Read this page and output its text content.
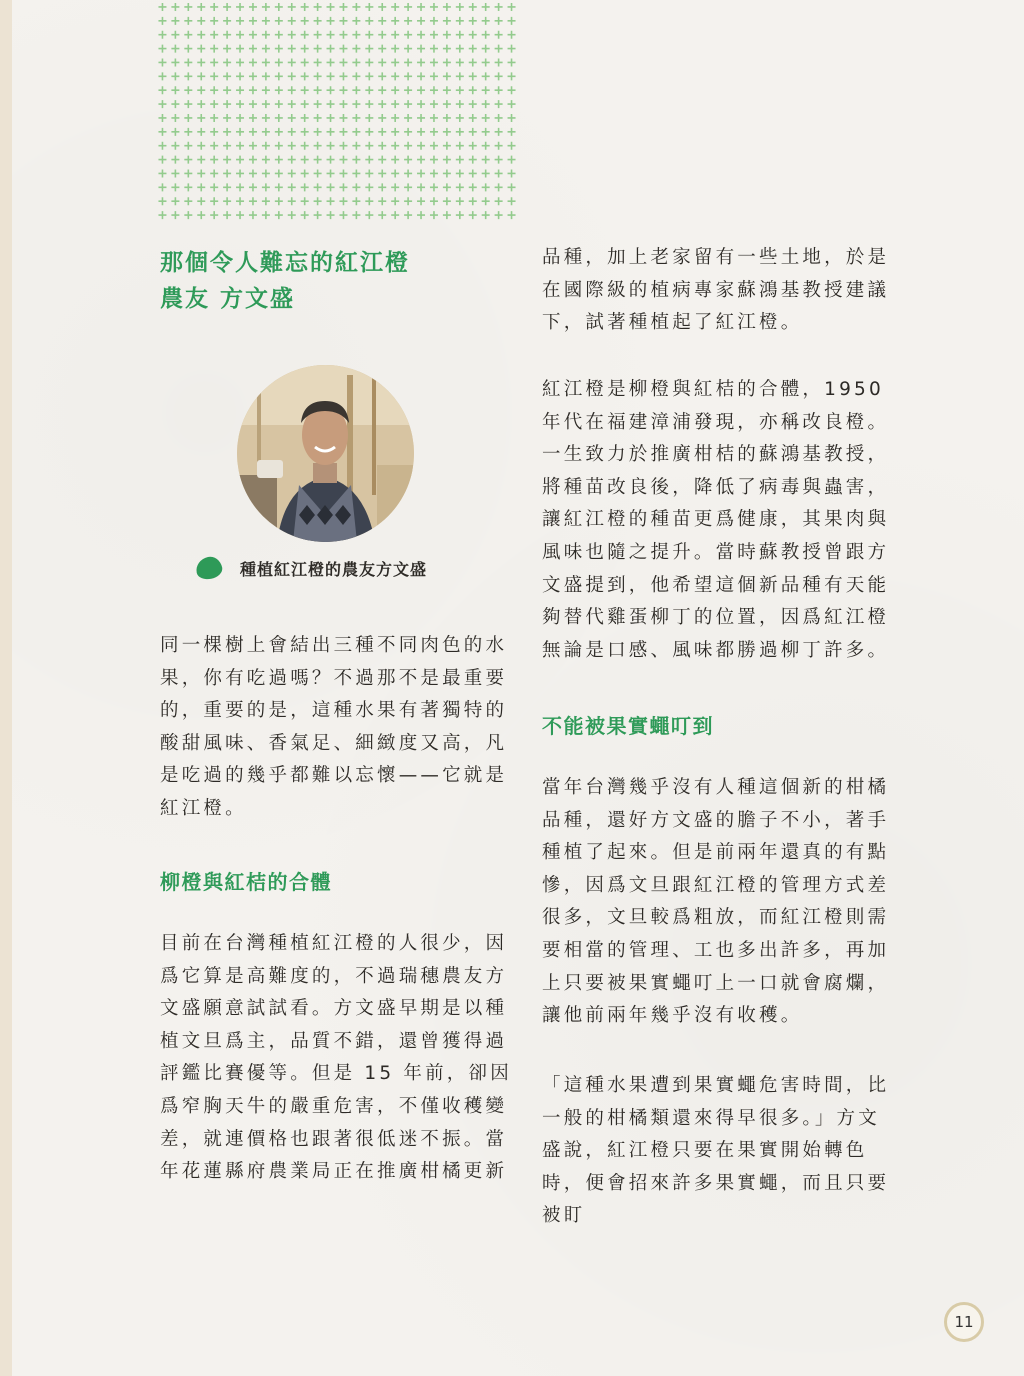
那個令人難忘的紅江橙
農友 方文盛
種植紅江橙的農友方文盛

同一棵樹上會結出三種不同肉色的水果，你有吃過嗎？不過那不是最重要的，重要的是，這種水果有著獨特的酸甜風味、香氣足、細緻度又高，凡是吃過的幾乎都難以忘懷——它就是紅江橙。

柳橙與紅桔的合體

目前在台灣種植紅江橙的人很少，因爲它算是高難度的，不過瑞穗農友方文盛願意試試看。方文盛早期是以種植文旦爲主，品質不錯，還曾獲得過評鑑比賽優等。但是 15 年前，卻因爲窄胸天牛的嚴重危害，不僅收穫變差，就連價格也跟著很低迷不振。當年花蓮縣府農業局正在推廣柑橘更新

品種，加上老家留有一些土地，於是在國際級的植病專家蘇鴻基教授建議下，試著種植起了紅江橙。

紅江橙是柳橙與紅桔的合體，1950 年代在福建漳浦發現，亦稱改良橙。一生致力於推廣柑桔的蘇鴻基教授，將種苗改良後，降低了病毒與蟲害，讓紅江橙的種苗更爲健康，其果肉與風味也隨之提升。當時蘇教授曾跟方文盛提到，他希望這個新品種有天能夠替代雞蛋柳丁的位置，因爲紅江橙無論是口感、風味都勝過柳丁許多。

不能被果實蠅叮到

當年台灣幾乎沒有人種這個新的柑橘品種，還好方文盛的膽子不小，著手種植了起來。但是前兩年還真的有點慘，因爲文旦跟紅江橙的管理方式差很多，文旦較爲粗放，而紅江橙則需要相當的管理、工也多出許多，再加上只要被果實蠅叮上一口就會腐爛，讓他前兩年幾乎沒有收穫。

「這種水果遭到果實蠅危害時間，比一般的柑橘類還來得早很多。」方文盛說，紅江橙只要在果實開始轉色時，便會招來許多果實蠅，而且只要被盯

11
